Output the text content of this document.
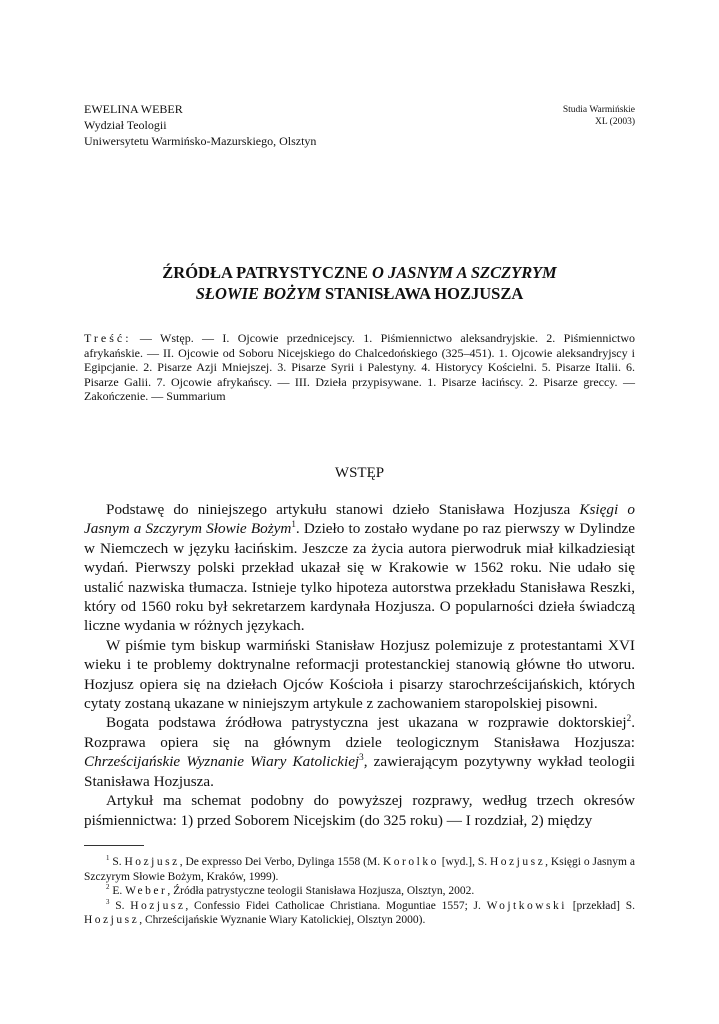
EWELINA WEBER
Wydział Teologii
Uniwersytetu Warmińsko-Mazurskiego, Olsztyn
Studia Warmińskie
XL (2003)
ŹRÓDŁA PATRYSTYCZNE O JASNYM A SZCZYRYM
SŁOWIE BOŻYM STANISŁAWA HOZJUSZA
Treść: — Wstęp. — I. Ojcowie przednicejscy. 1. Piśmiennictwo aleksandryjskie. 2. Piśmiennictwo afrykańskie. — II. Ojcowie od Soboru Nicejskiego do Chalcedońskiego (325–451). 1. Ojcowie aleksandryjscy i Egipcjanie. 2. Pisarze Azji Mniejszej. 3. Pisarze Syrii i Palestyny. 4. Historycy Kościelni. 5. Pisarze Italii. 6. Pisarze Galii. 7. Ojcowie afrykańscy. — III. Dzieła przypisywane. 1. Pisarze łacińscy. 2. Pisarze greccy. — Zakończenie. — Summarium
WSTĘP

Podstawę do niniejszego artykułu stanowi dzieło Stanisława Hozjusza Księgi o Jasnym a Szczyrym Słowie Bożym$^1$. Dzieło to zostało wydane po raz pierwszy w Dylindze w Niemczech w języku łacińskim. Jeszcze za życia autora pierwodruk miał kilkadziesiąt wydań. Pierwszy polski przekład ukazał się w Krakowie w 1562 roku. Nie udało się ustalić nazwiska tłumacza. Istnieje tylko hipoteza autorstwa przekładu Stanisława Reszki, który od 1560 roku był sekretarzem kardynała Hozjusza. O popularności dzieła świadczą liczne wydania w różnych językach.

W piśmie tym biskup warmiński Stanisław Hozjusz polemizuje z protestantami XVI wieku i te problemy doktrynalne reformacji protestanckiej stanowią główne tło utworu. Hozjusz opiera się na dziełach Ojców Kościoła i pisarzy starochrześcijańskich, których cytaty zostaną ukazane w niniejszym artykule z zachowaniem staropolskiej pisowni.

Bogata podstawa źródłowa patrystyczna jest ukazana w rozprawie doktorskiej$^2$. Rozprawa opiera się na głównym dziele teologicznym Stanisława Hozjusza: Chrześcijańskie Wyznanie Wiary Katolickiej$^3$, zawierającym pozytywny wykład teologii Stanisława Hozjusza.

Artykuł ma schemat podobny do powyższej rozprawy, według trzech okresów piśmiennictwa: 1) przed Soborem Nicejskim (do 325 roku) — I rozdział, 2) między

$^1$ S. Hozjusz, De expresso Dei Verbo, Dylinga 1558 (M. Korolko [wyd.], S. Hozjusz, Księgi o Jasnym a Szczyrym Słowie Bożym, Kraków, 1999).

$^2$ E. Weber, Źródła patrystyczne teologii Stanisława Hozjusza, Olsztyn, 2002.

$^3$ S. Hozjusz, Confessio Fidei Catholicae Christiana. Moguntiae 1557; J. Wojtkowski [przekład] S. Hozjusz, Chrześcijańskie Wyznanie Wiary Katolickiej, Olsztyn 2000).
